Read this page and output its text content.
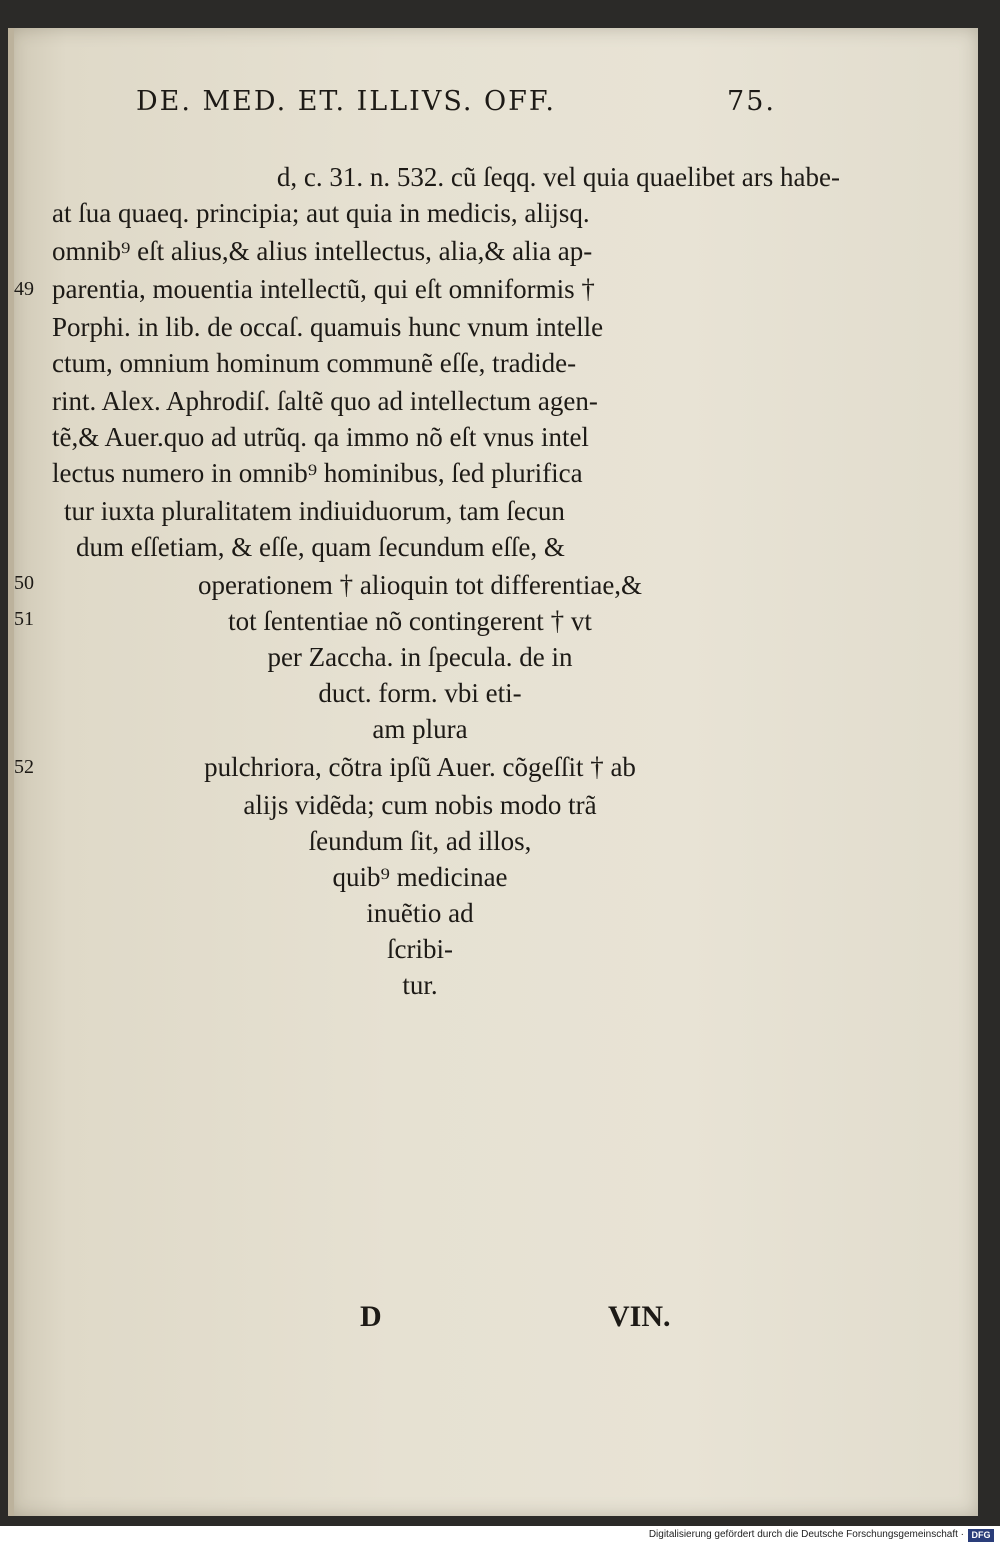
DE. MED. ET. ILLIVS. OFF.	75.
d, c. 31. n. 532. cũ ſeqq. vel quia quaelibet ars habe-
at ſua quaeq. principia; aut quia in medicis, alijsq.
omnib⁹ eſt alius,& alius intellectus, alia,& alia ap-
parentia, mouentia intellectũ, qui eſt omniformis †
Porphi. in lib. de occaſ. quamuis hunc vnum intelle
ctum, omnium hominum communẽ eſſe, tradide-
rint. Alex. Aphrodiſ. ſaltẽ quo ad intellectum agen-
tẽ,& Auer.quo ad utrũq. qa immo nõ eſt vnus intel
lectus numero in omnib⁹ hominibus, ſed plurifica
tur iuxta pluralitatem indiuiduorum, tam ſecun
dum eſſetiam, & eſſe, quam ſecundum eſſe, &
operationem † alioquin tot differentiae,&
tot ſententiae nõ contingerent † vt
per Zaccha. in ſpecula. de in
duct. form. vbi eti-
am plura
pulchriora, cõtra ipſũ Auer. cõgeſſit † ab
alijs vidẽda; cum nobis modo trã
ſeundum ſit, ad illos,
quib⁹ medicinae
inuẽtio ad
ſcribi-
tur.
49
50
51
52
D	VIN.
Digitalisierung gefördert durch die Deutsche Forschungsgemeinschaft · DFG
